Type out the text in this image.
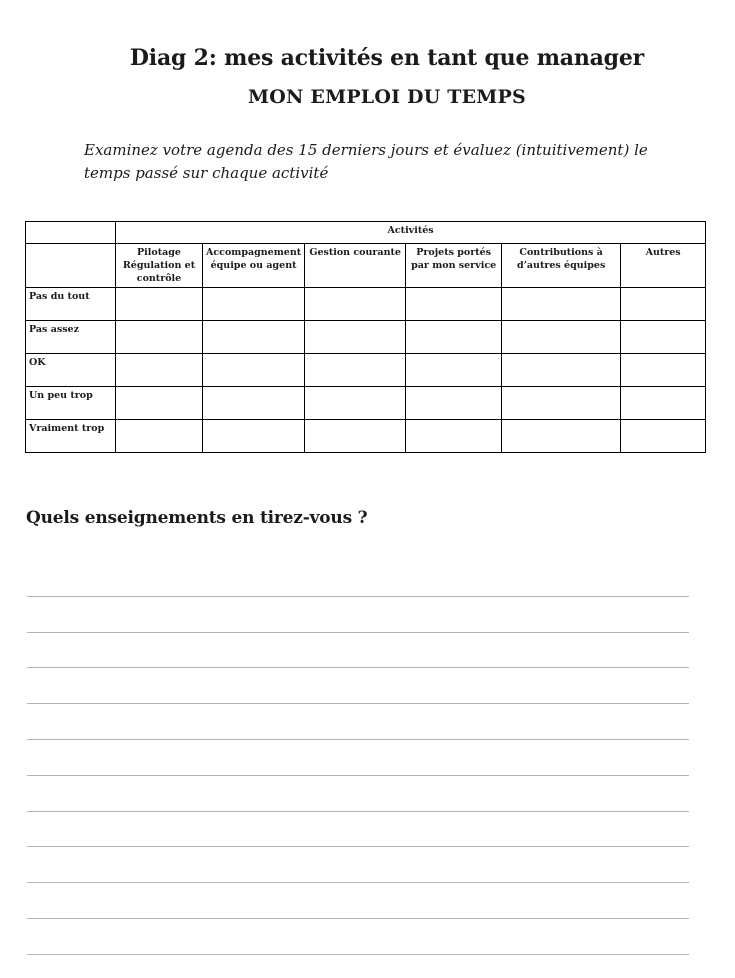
Diag 2: mes activités en tant que manager
MON EMPLOI DU TEMPS

Examinez votre agenda des 15 derniers jours et évaluez (intuitivement) le temps passé sur chaque activité

	Activités					
	Pilotage Régulation et contrôle	Accompagnement équipe ou agent	Gestion courante	Projets portés par mon service	Contributions à d’autres équipes	Autres
Pas du tout						
Pas assez						
OK						
Un peu trop						
Vraiment trop						
Quels enseignements en tirez-vous ?
